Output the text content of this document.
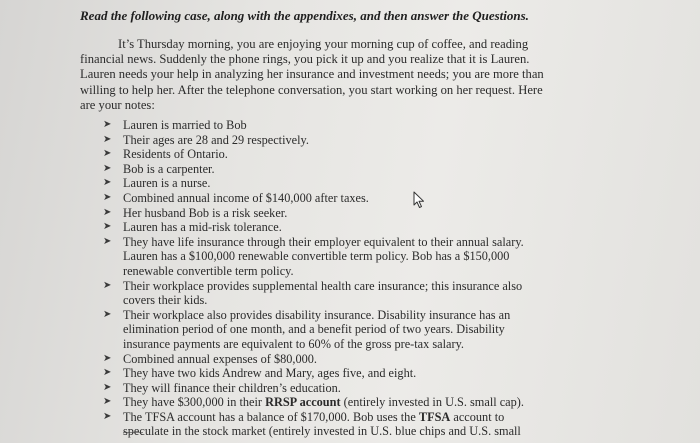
Read the following case, along with the appendixes, and then answer the Questions.

It’s Thursday morning, you are enjoying your morning cup of coffee, and reading financial news. Suddenly the phone rings, you pick it up and you realize that it is Lauren. Lauren needs your help in analyzing her insurance and investment needs; you are more than willing to help her. After the telephone conversation, you start working on her request. Here are your notes:

➤ Lauren is married to Bob
➤ Their ages are 28 and 29 respectively.
➤ Residents of Ontario.
➤ Bob is a carpenter.
➤ Lauren is a nurse.
➤ Combined annual income of $140,000 after taxes.
➤ Her husband Bob is a risk seeker.
➤ Lauren has a mid-risk tolerance.
➤ They have life insurance through their employer equivalent to their annual salary. Lauren has a $100,000 renewable convertible term policy. Bob has a $150,000 renewable convertible term policy.
➤ Their workplace provides supplemental health care insurance; this insurance also covers their kids.
➤ Their workplace also provides disability insurance. Disability insurance has an elimination period of one month, and a benefit period of two years. Disability insurance payments are equivalent to 60% of the gross pre-tax salary.
➤ Combined annual expenses of $80,000.
➤ They have two kids Andrew and Mary, ages five, and eight.
➤ They will finance their children’s education.
➤ They have $300,000 in their RRSP account (entirely invested in U.S. small cap).
➤ The TFSA account has a balance of $170,000. Bob uses the TFSA account to speculate in the stock market (entirely invested in U.S. blue chips and U.S. small
